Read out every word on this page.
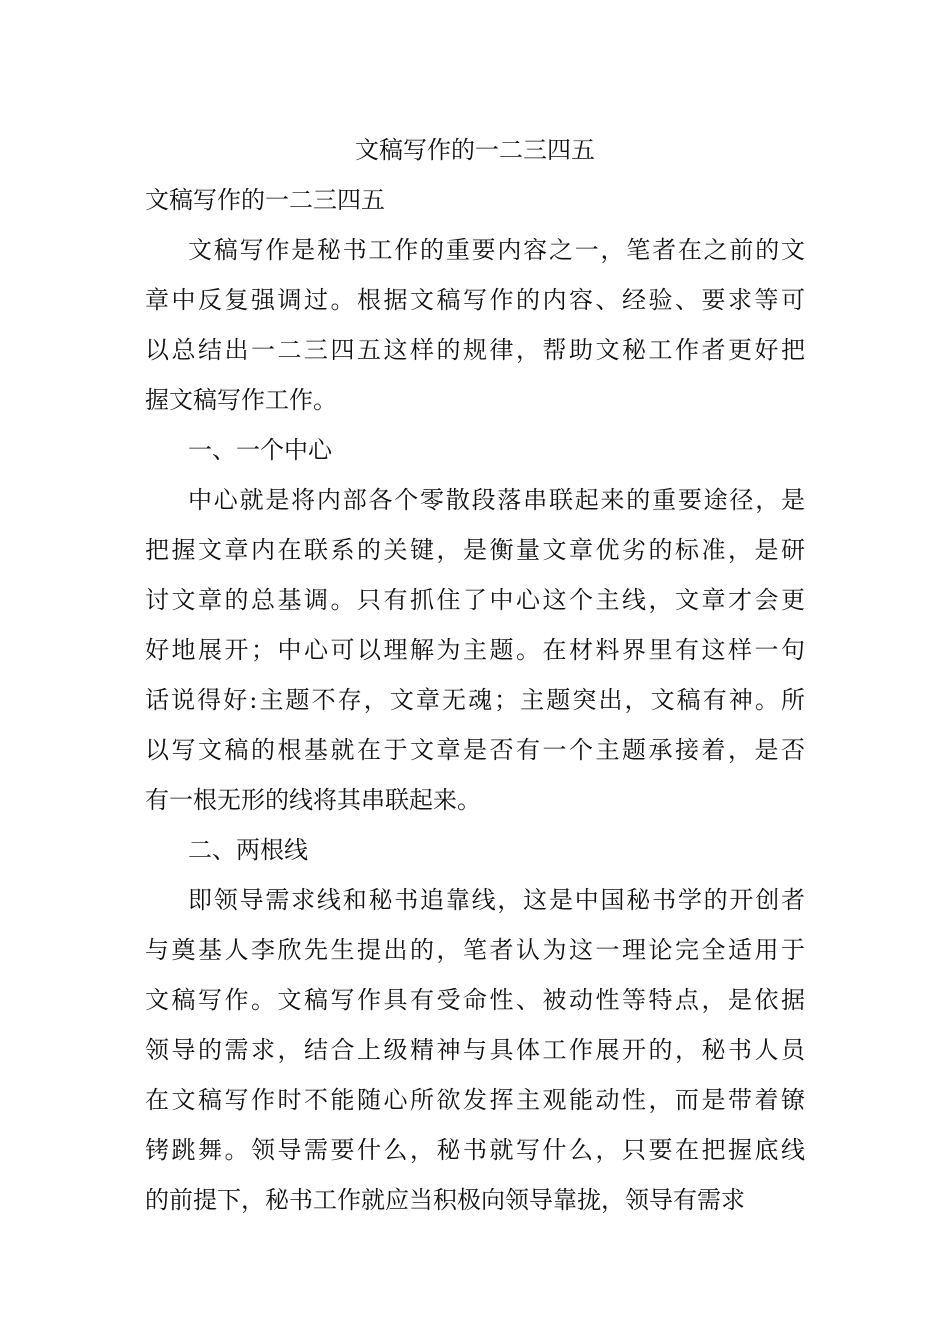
文稿写作的一二三四五
文稿写作的一二三四五
文稿写作是秘书工作的重要内容之一，笔者在之前的文
章中反复强调过。根据文稿写作的内容、经验、要求等可
以总结出一二三四五这样的规律，帮助文秘工作者更好把
握文稿写作工作。
一、一个中心
中心就是将内部各个零散段落串联起来的重要途径，是
把握文章内在联系的关键，是衡量文章优劣的标准，是研
讨文章的总基调。只有抓住了中心这个主线，文章才会更
好地展开；中心可以理解为主题。在材料界里有这样一句
话说得好:主题不存，文章无魂；主题突出，文稿有神。所
以写文稿的根基就在于文章是否有一个主题承接着，是否
有一根无形的线将其串联起来。
二、两根线
即领导需求线和秘书追靠线，这是中国秘书学的开创者
与奠基人李欣先生提出的，笔者认为这一理论完全适用于
文稿写作。文稿写作具有受命性、被动性等特点，是依据
领导的需求，结合上级精神与具体工作展开的，秘书人员
在文稿写作时不能随心所欲发挥主观能动性，而是带着镣
铐跳舞。领导需要什么，秘书就写什么，只要在把握底线
的前提下，秘书工作就应当积极向领导靠拢，领导有需求
